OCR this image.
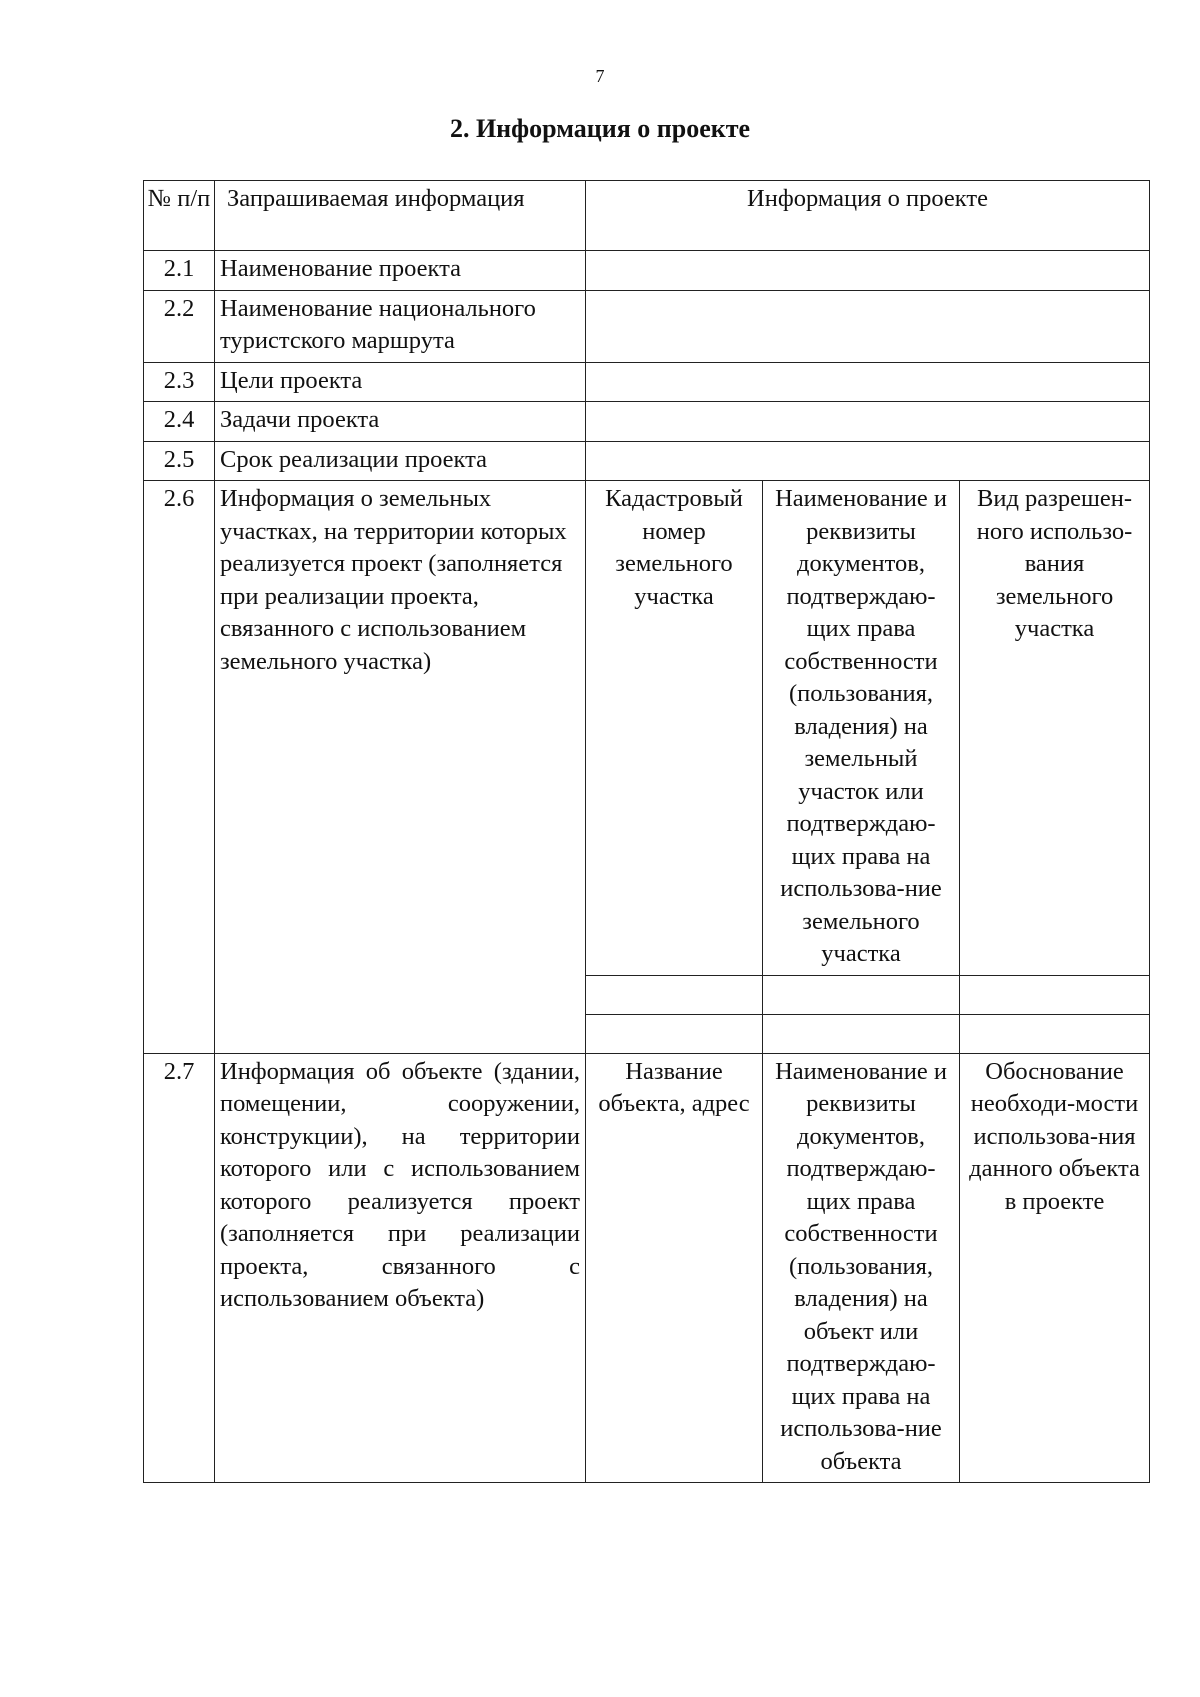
7
2. Информация о проекте
№ п/п	Запрашиваемая информация	Информация о проекте		
2.1	Наименование проекта			
2.2	Наименование национального туристского маршрута			
2.3	Цели проекта			
2.4	Задачи проекта			
2.5	Срок реализации проекта			
2.6	Информация о земельных участках, на территории которых реализуется проект (заполняется при реализации проекта, связанного с использованием земельного участка)	Кадастровый номер земельного участка	Наименование и реквизиты документов, подтверждаю-щих права собственности (пользования, владения) на земельный участок или подтверждаю-щих права на использова-ние земельного участка	Вид разрешен-ного использо-вания земельного участка

2.7	Информация об объекте (здании, помещении, сооружении, конструкции), на территории которого или с использованием которого реализуется проект (заполняется при реализации проекта, связанного с использованием объекта)	Название объекта, адрес	Наименование и реквизиты документов, подтверждаю-щих права собственности (пользования, владения) на объект или подтверждаю-щих права на использова-ние объекта	Обоснование необходи-мости использова-ния данного объекта в проекте
